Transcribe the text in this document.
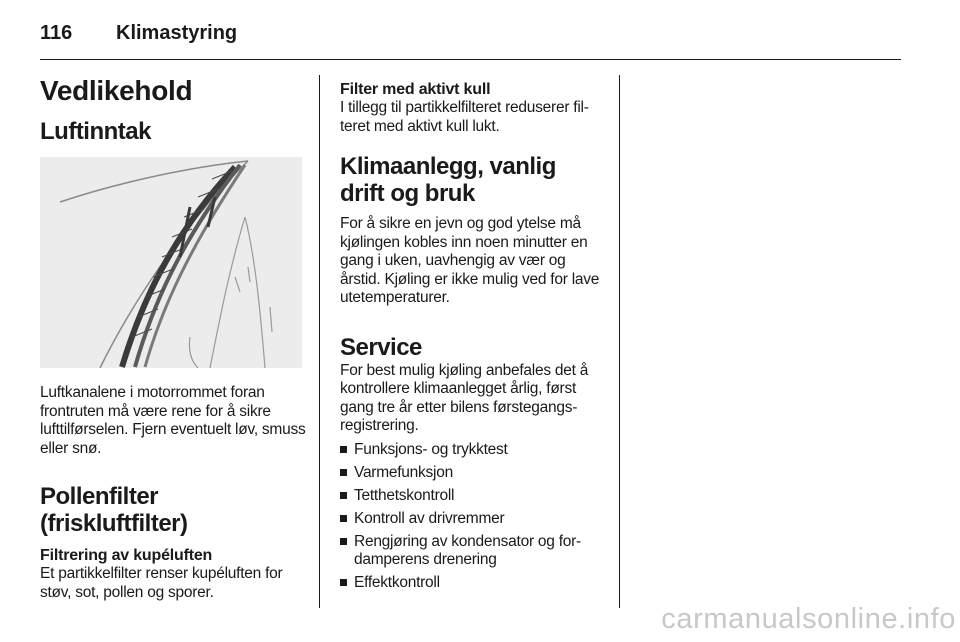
116 Klimastyring
Vedlikehold
Luftinntak

Luftkanalene i motorrommet foran frontruten må være rene for å sikre lufttilførselen. Fjern eventuelt løv, smuss eller snø.

Pollenfilter (friskluftfilter)
Filtrering av kupéluften

Et partikkelfilter renser kupéluften for støv, sot, pollen og sporer.

Filter med aktivt kull

I tillegg til partikkelfilteret reduserer fil-teret med aktivt kull lukt.

Klimaanlegg, vanlig drift og bruk

For å sikre en jevn og god ytelse må kjølingen kobles inn noen minutter en gang i uken, uavhengig av vær og årstid. Kjøling er ikke mulig ved for lave utetemperaturer.

Service

For best mulig kjøling anbefales det å kontrollere klimaanlegget årlig, først gang tre år etter bilens førstegangs-registrering.

Funksjons- og trykktest
Varmefunksjon
Tetthetskontroll
Kontroll av drivremmer
Rengjøring av kondensator og for-damperens drenering
Effektkontroll
carmanualsonline.info
